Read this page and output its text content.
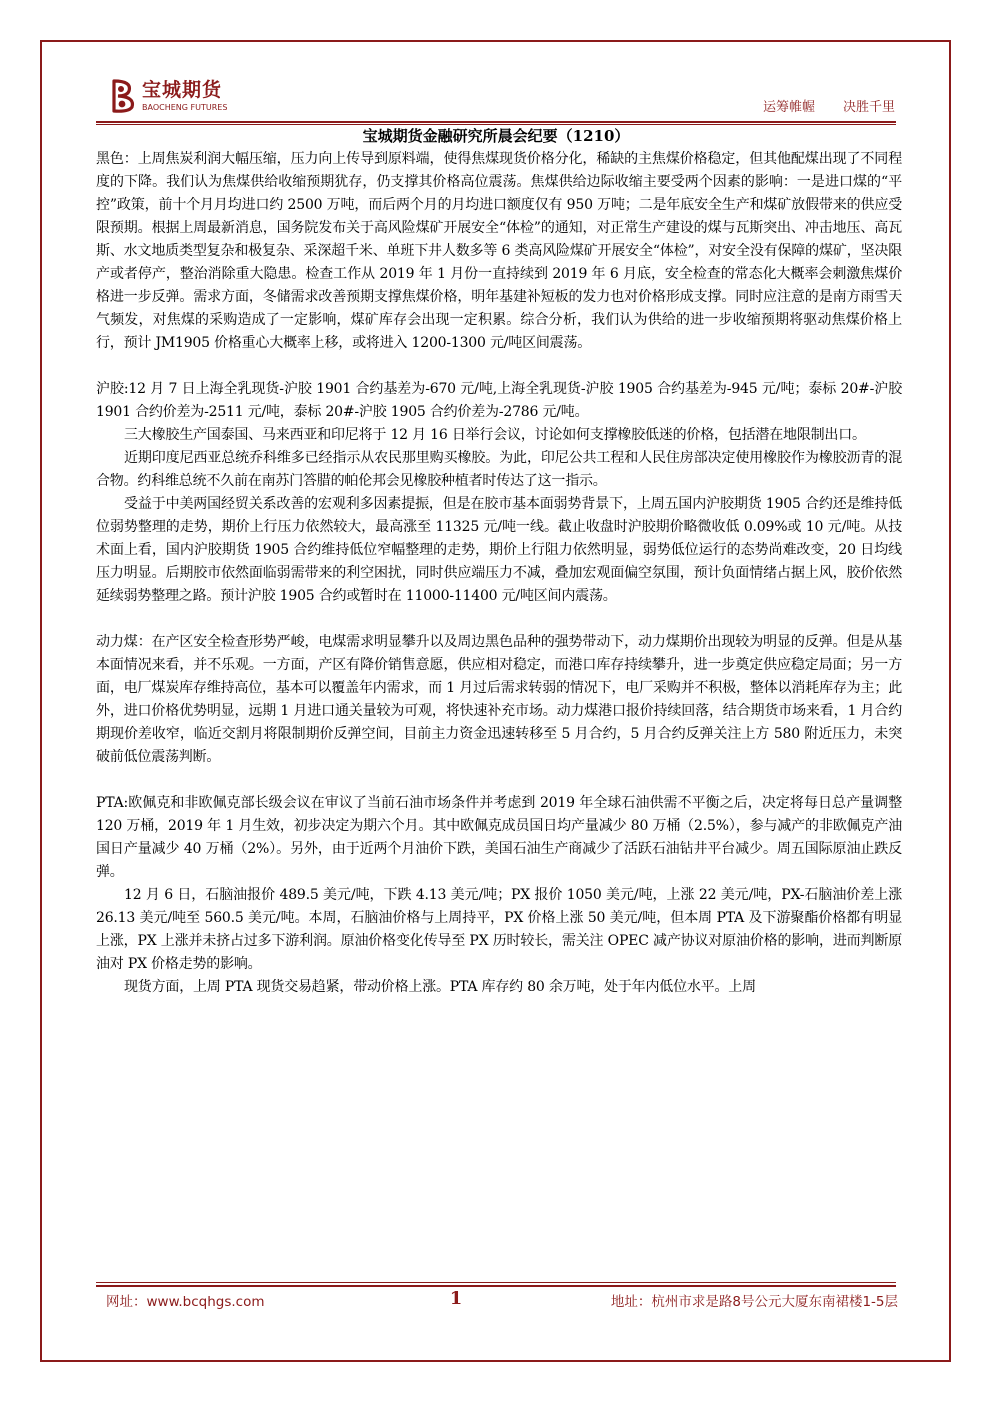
宝城期货
BAOCHENG FUTURES	运筹帷幄 决胜千里
宝城期货金融研究所晨会纪要（1210）

黑色：上周焦炭利润大幅压缩，压力向上传导到原料端，使得焦煤现货价格分化，稀缺的主焦煤价格稳定，但其他配煤出现了不同程度的下降。我们认为焦煤供给收缩预期犹存，仍支撑其价格高位震荡。焦煤供给边际收缩主要受两个因素的影响：一是进口煤的“平控”政策，前十个月月均进口约 2500 万吨，而后两个月的月均进口额度仅有 950 万吨；二是年底安全生产和煤矿放假带来的供应受限预期。根据上周最新消息，国务院发布关于高风险煤矿开展安全“体检”的通知，对正常生产建设的煤与瓦斯突出、冲击地压、高瓦斯、水文地质类型复杂和极复杂、采深超千米、单班下井人数多等 6 类高风险煤矿开展安全“体检”，对安全没有保障的煤矿，坚决限产或者停产，整治消除重大隐患。检查工作从 2019 年 1 月份一直持续到 2019 年 6 月底，安全检查的常态化大概率会刺激焦煤价格进一步反弹。需求方面，冬储需求改善预期支撑焦煤价格，明年基建补短板的发力也对价格形成支撑。同时应注意的是南方雨雪天气频发，对焦煤的采购造成了一定影响，煤矿库存会出现一定积累。综合分析，我们认为供给的进一步收缩预期将驱动焦煤价格上行，预计 JM1905 价格重心大概率上移，或将进入 1200-1300 元/吨区间震荡。

沪胶:12 月 7 日上海全乳现货-沪胶 1901 合约基差为-670 元/吨,上海全乳现货-沪胶 1905 合约基差为-945 元/吨；泰标 20#-沪胶 1901 合约价差为-2511 元/吨，泰标 20#-沪胶 1905 合约价差为-2786 元/吨。

三大橡胶生产国泰国、马来西亚和印尼将于 12 月 16 日举行会议，讨论如何支撑橡胶低迷的价格，包括潜在地限制出口。

近期印度尼西亚总统乔科维多已经指示从农民那里购买橡胶。为此，印尼公共工程和人民住房部决定使用橡胶作为橡胶沥青的混合物。约科维总统不久前在南苏门答腊的帕伦邦会见橡胶种植者时传达了这一指示。

受益于中美两国经贸关系改善的宏观利多因素提振，但是在胶市基本面弱势背景下，上周五国内沪胶期货 1905 合约还是维持低位弱势整理的走势，期价上行压力依然较大，最高涨至 11325 元/吨一线。截止收盘时沪胶期价略微收低 0.09%或 10 元/吨。从技术面上看，国内沪胶期货 1905 合约维持低位窄幅整理的走势，期价上行阻力依然明显，弱势低位运行的态势尚难改变，20 日均线压力明显。后期胶市依然面临弱需带来的利空困扰，同时供应端压力不减，叠加宏观面偏空氛围，预计负面情绪占据上风，胶价依然延续弱势整理之路。预计沪胶 1905 合约或暂时在 11000-11400 元/吨区间内震荡。

动力煤：在产区安全检查形势严峻，电煤需求明显攀升以及周边黑色品种的强势带动下，动力煤期价出现较为明显的反弹。但是从基本面情况来看，并不乐观。一方面，产区有降价销售意愿，供应相对稳定，而港口库存持续攀升，进一步奠定供应稳定局面；另一方面，电厂煤炭库存维持高位，基本可以覆盖年内需求，而 1 月过后需求转弱的情况下，电厂采购并不积极，整体以消耗库存为主；此外，进口价格优势明显，远期 1 月进口通关量较为可观，将快速补充市场。动力煤港口报价持续回落，结合期货市场来看，1 月合约期现价差收窄，临近交割月将限制期价反弹空间，目前主力资金迅速转移至 5 月合约，5 月合约反弹关注上方 580 附近压力，未突破前低位震荡判断。

PTA:欧佩克和非欧佩克部长级会议在审议了当前石油市场条件并考虑到 2019 年全球石油供需不平衡之后，决定将每日总产量调整 120 万桶，2019 年 1 月生效，初步决定为期六个月。其中欧佩克成员国日均产量减少 80 万桶（2.5%），参与减产的非欧佩克产油国日产量减少 40 万桶（2%）。另外，由于近两个月油价下跌，美国石油生产商减少了活跃石油钻井平台减少。周五国际原油止跌反弹。

12 月 6 日，石脑油报价 489.5 美元/吨，下跌 4.13 美元/吨；PX 报价 1050 美元/吨，上涨 22 美元/吨，PX-石脑油价差上涨 26.13 美元/吨至 560.5 美元/吨。本周，石脑油价格与上周持平，PX 价格上涨 50 美元/吨，但本周 PTA 及下游聚酯价格都有明显上涨，PX 上涨并未挤占过多下游利润。原油价格变化传导至 PX 历时较长，需关注 OPEC 减产协议对原油价格的影响，进而判断原油对 PX 价格走势的影响。

现货方面，上周 PTA 现货交易趋紧，带动价格上涨。PTA 库存约 80 余万吨，处于年内低位水平。上周

网址：www.bcqhgs.com	1	地址：杭州市求是路8号公元大厦东南裙楼1-5层
